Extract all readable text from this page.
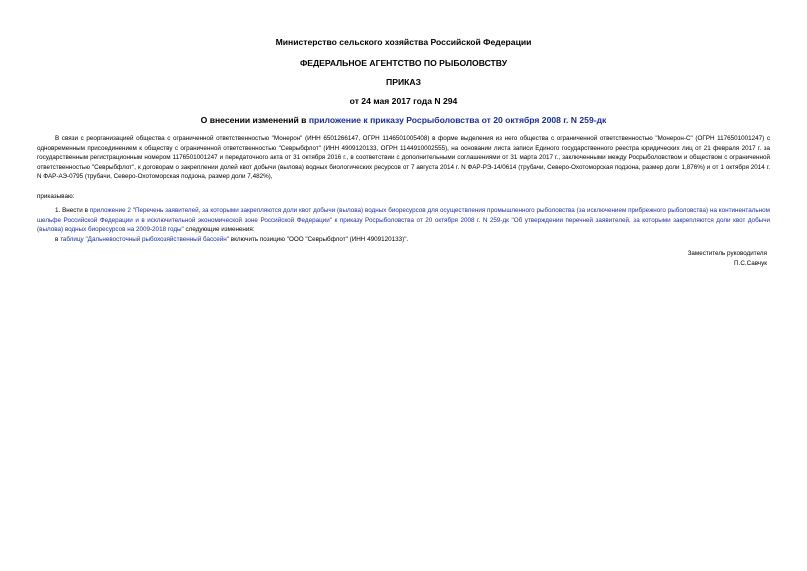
Министерство сельского хозяйства Российской Федерации
ФЕДЕРАЛЬНОЕ АГЕНТСТВО ПО РЫБОЛОВСТВУ
ПРИКАЗ
от 24 мая 2017 года N 294
О внесении изменений в приложение к приказу Росрыболовства от 20 октября 2008 г. N 259-дк

В связи с реорганизацией общества с ограниченной ответственностью "Монерон" (ИНН 6501266147, ОГРН 1146501005408) в форме выделения из него общества с ограниченной ответственностью "Монерон-С" (ОГРН 1176501001247) с одновременным присоединением к обществу с ограниченной ответственностью "Севрыбфлот" (ИНН 4909120133, ОГРН 1144910002555), на основании листа записи Единого государственного реестра юридических лиц от 21 февраля 2017 г. за государственным регистрационным номером 1176501001247 и передаточного акта от 31 октября 2016 г., в соответствии с дополнительными соглашениями от 31 марта 2017 г., заключенными между Росрыболовством и обществом с ограниченной ответственностью "Севрыбфлот", к договорам о закреплении долей квот добычи (вылова) водных биологических ресурсов от 7 августа 2014 г. N ФАР-РЭ-14/0614 (трубачи, Северо-Охотоморская подзона, размер доли 1,876%) и от 1 октября 2014 г. N ФАР-АЭ-0795 (трубачи, Северо-Охотоморская подзона, размер доли 7,482%),

приказываю:

1. Внести в приложение 2 "Перечень заявителей, за которыми закрепляются доли квот добычи (вылова) водных биоресурсов для осуществления промышленного рыболовства (за исключением прибрежного рыболовства) на континентальном шельфе Российской Федерации и в исключительной экономической зоне Российской Федерации" к приказу Росрыболовства от 20 октября 2008 г. N 259-дк "Об утверждении перечней заявителей, за которыми закрепляются доли квот добычи (вылова) водных биоресурсов на 2009-2018 годы" следующие изменения:

в таблицу "Дальневосточный рыбохозяйственный бассейн" включить позицию "ООО "Севрыбфлот" (ИНН 4909120133)".

Заместитель руководителя
П.С.Савчук
